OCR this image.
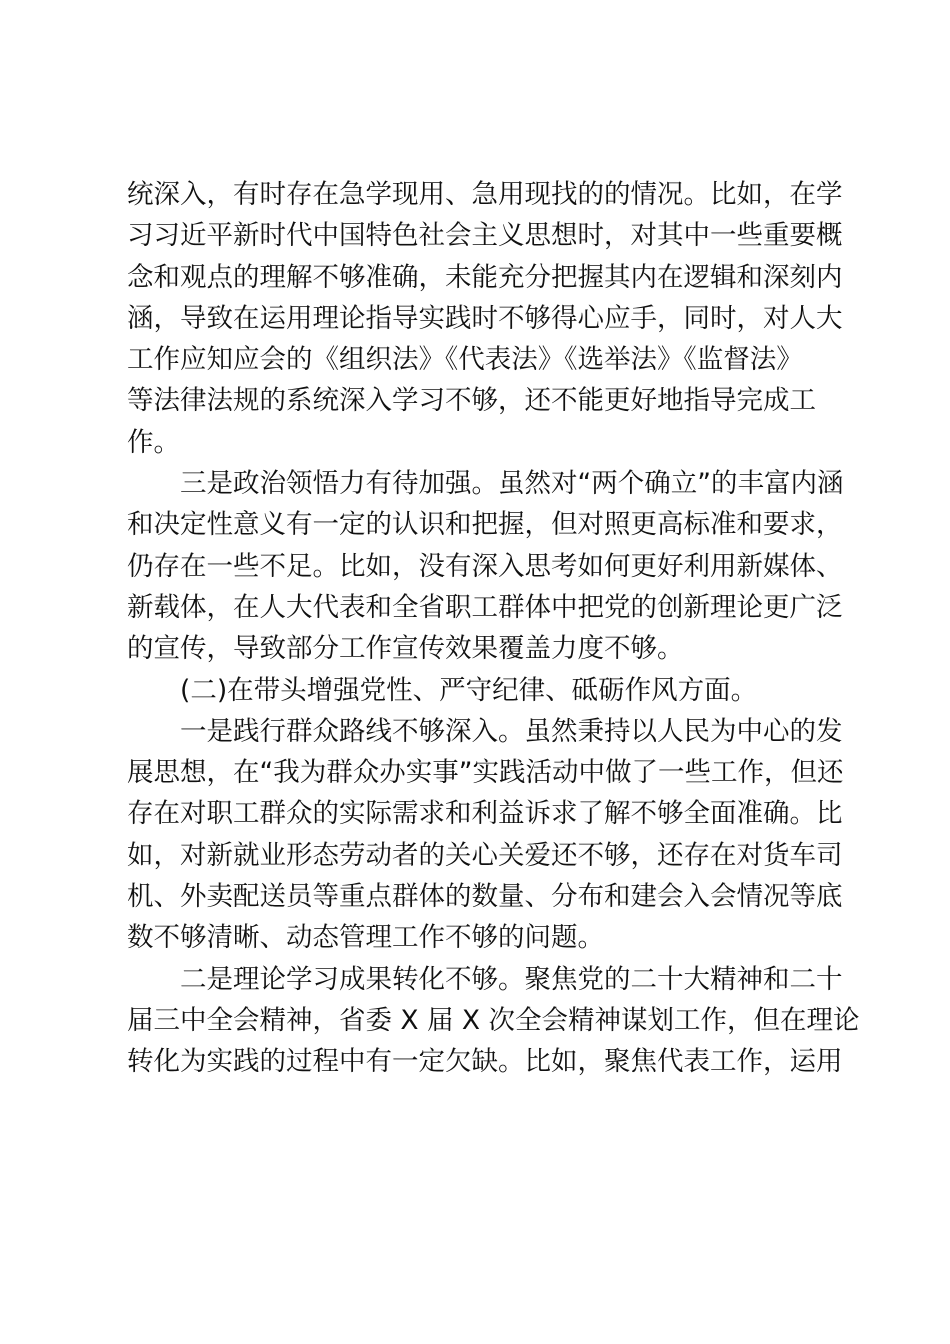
统深入，有时存在急学现用、急用现找的的情况。比如，在学
习习近平新时代中国特色社会主义思想时，对其中一些重要概
念和观点的理解不够准确，未能充分把握其内在逻辑和深刻内
涵，导致在运用理论指导实践时不够得心应手，同时，对人大
工作应知应会的《组织法》《代表法》《选举法》《监督法》
等法律法规的系统深入学习不够，还不能更好地指导完成工
作。
三是政治领悟力有待加强。虽然对“两个确立”的丰富内涵
和决定性意义有一定的认识和把握，但对照更高标准和要求，
仍存在一些不足。比如，没有深入思考如何更好利用新媒体、
新载体，在人大代表和全省职工群体中把党的创新理论更广泛
的宣传，导致部分工作宣传效果覆盖力度不够。
(二)在带头增强党性、严守纪律、砥砺作风方面。
一是践行群众路线不够深入。虽然秉持以人民为中心的发
展思想，在“我为群众办实事”实践活动中做了一些工作，但还
存在对职工群众的实际需求和利益诉求了解不够全面准确。比
如，对新就业形态劳动者的关心关爱还不够，还存在对货车司
机、外卖配送员等重点群体的数量、分布和建会入会情况等底
数不够清晰、动态管理工作不够的问题。
二是理论学习成果转化不够。聚焦党的二十大精神和二十
届三中全会精神，省委 X 届 X 次全会精神谋划工作，但在理论
转化为实践的过程中有一定欠缺。比如，聚焦代表工作，运用
